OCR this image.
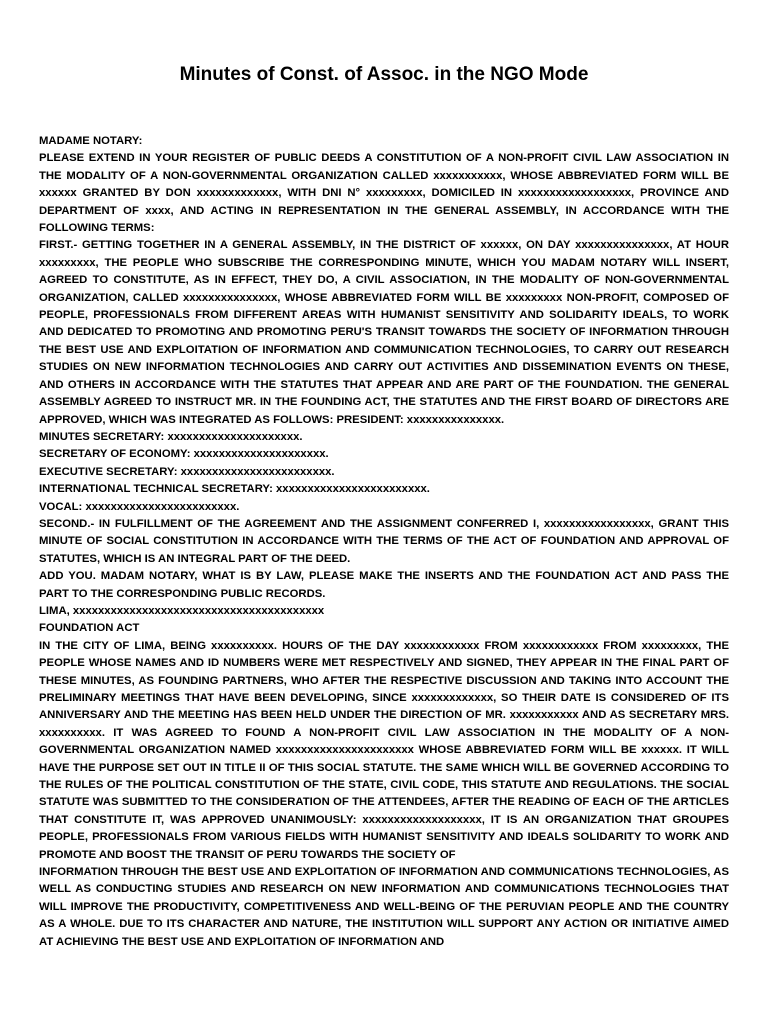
Minutes of Const. of Assoc. in the NGO Mode

MADAME NOTARY:

PLEASE EXTEND IN YOUR REGISTER OF PUBLIC DEEDS A CONSTITUTION OF A NON-PROFIT CIVIL LAW ASSOCIATION IN THE MODALITY OF A NON-GOVERNMENTAL ORGANIZATION CALLED xxxxxxxxxxx, WHOSE ABBREVIATED FORM WILL BE xxxxxx GRANTED BY DON xxxxxxxxxxxxx, WITH DNI N° xxxxxxxxx, DOMICILED IN xxxxxxxxxxxxxxxxxx, PROVINCE AND DEPARTMENT OF xxxx, AND ACTING IN REPRESENTATION IN THE GENERAL ASSEMBLY, IN ACCORDANCE WITH THE FOLLOWING TERMS:

FIRST.- GETTING TOGETHER IN A GENERAL ASSEMBLY, IN THE DISTRICT OF xxxxxx, ON DAY xxxxxxxxxxxxxxx, AT HOUR xxxxxxxxx, THE PEOPLE WHO SUBSCRIBE THE CORRESPONDING MINUTE, WHICH YOU MADAM NOTARY WILL INSERT, AGREED TO CONSTITUTE, AS IN EFFECT, THEY DO, A CIVIL ASSOCIATION, IN THE MODALITY OF NON-GOVERNMENTAL ORGANIZATION, CALLED xxxxxxxxxxxxxxx, WHOSE ABBREVIATED FORM WILL BE xxxxxxxxx NON-PROFIT, COMPOSED OF PEOPLE, PROFESSIONALS FROM DIFFERENT AREAS WITH HUMANIST SENSITIVITY AND SOLIDARITY IDEALS, TO WORK AND DEDICATED TO PROMOTING AND PROMOTING PERU'S TRANSIT TOWARDS THE SOCIETY OF INFORMATION THROUGH THE BEST USE AND EXPLOITATION OF INFORMATION AND COMMUNICATION TECHNOLOGIES, TO CARRY OUT RESEARCH STUDIES ON NEW INFORMATION TECHNOLOGIES AND CARRY OUT ACTIVITIES AND DISSEMINATION EVENTS ON THESE, AND OTHERS IN ACCORDANCE WITH THE STATUTES THAT APPEAR AND ARE PART OF THE FOUNDATION. THE GENERAL ASSEMBLY AGREED TO INSTRUCT MR. IN THE FOUNDING ACT, THE STATUTES AND THE FIRST BOARD OF DIRECTORS ARE APPROVED, WHICH WAS INTEGRATED AS FOLLOWS: PRESIDENT: xxxxxxxxxxxxxxx.

MINUTES SECRETARY: xxxxxxxxxxxxxxxxxxxxx.

SECRETARY OF ECONOMY: xxxxxxxxxxxxxxxxxxxxx.

EXECUTIVE SECRETARY: xxxxxxxxxxxxxxxxxxxxxxxx.

INTERNATIONAL TECHNICAL SECRETARY: xxxxxxxxxxxxxxxxxxxxxxxx.

VOCAL: xxxxxxxxxxxxxxxxxxxxxxxx.

SECOND.- IN FULFILLMENT OF THE AGREEMENT AND THE ASSIGNMENT CONFERRED I, xxxxxxxxxxxxxxxxx, GRANT THIS MINUTE OF SOCIAL CONSTITUTION IN ACCORDANCE WITH THE TERMS OF THE ACT OF FOUNDATION AND APPROVAL OF STATUTES, WHICH IS AN INTEGRAL PART OF THE DEED.

ADD YOU. MADAM NOTARY, WHAT IS BY LAW, PLEASE MAKE THE INSERTS AND THE FOUNDATION ACT AND PASS THE PART TO THE CORRESPONDING PUBLIC RECORDS.

LIMA, xxxxxxxxxxxxxxxxxxxxxxxxxxxxxxxxxxxxxxxx

FOUNDATION ACT

IN THE CITY OF LIMA, BEING xxxxxxxxxx. HOURS OF THE DAY xxxxxxxxxxxx FROM xxxxxxxxxxxx FROM xxxxxxxxx, THE PEOPLE WHOSE NAMES AND ID NUMBERS WERE MET RESPECTIVELY AND SIGNED, THEY APPEAR IN THE FINAL PART OF THESE MINUTES, AS FOUNDING PARTNERS, WHO AFTER THE RESPECTIVE DISCUSSION AND TAKING INTO ACCOUNT THE PRELIMINARY MEETINGS THAT HAVE BEEN DEVELOPING, SINCE xxxxxxxxxxxxx, SO THEIR DATE IS CONSIDERED OF ITS ANNIVERSARY AND THE MEETING HAS BEEN HELD UNDER THE DIRECTION OF MR. xxxxxxxxxxx AND AS SECRETARY MRS. xxxxxxxxxx. IT WAS AGREED TO FOUND A NON-PROFIT CIVIL LAW ASSOCIATION IN THE MODALITY OF A NON-GOVERNMENTAL ORGANIZATION NAMED xxxxxxxxxxxxxxxxxxxxxx WHOSE ABBREVIATED FORM WILL BE xxxxxx. IT WILL HAVE THE PURPOSE SET OUT IN TITLE II OF THIS SOCIAL STATUTE. THE SAME WHICH WILL BE GOVERNED ACCORDING TO THE RULES OF THE POLITICAL CONSTITUTION OF THE STATE, CIVIL CODE, THIS STATUTE AND REGULATIONS. THE SOCIAL STATUTE WAS SUBMITTED TO THE CONSIDERATION OF THE ATTENDEES, AFTER THE READING OF EACH OF THE ARTICLES THAT CONSTITUTE IT, WAS APPROVED UNANIMOUSLY: xxxxxxxxxxxxxxxxxxx, IT IS AN ORGANIZATION THAT GROUPES PEOPLE, PROFESSIONALS FROM VARIOUS FIELDS WITH HUMANIST SENSITIVITY AND IDEALS SOLIDARITY TO WORK AND PROMOTE AND BOOST THE TRANSIT OF PERU TOWARDS THE SOCIETY OF

INFORMATION THROUGH THE BEST USE AND EXPLOITATION OF INFORMATION AND COMMUNICATIONS TECHNOLOGIES, AS WELL AS CONDUCTING STUDIES AND RESEARCH ON NEW INFORMATION AND COMMUNICATIONS TECHNOLOGIES THAT WILL IMPROVE THE PRODUCTIVITY, COMPETITIVENESS AND WELL-BEING OF THE PERUVIAN PEOPLE AND THE COUNTRY AS A WHOLE. DUE TO ITS CHARACTER AND NATURE, THE INSTITUTION WILL SUPPORT ANY ACTION OR INITIATIVE AIMED AT ACHIEVING THE BEST USE AND EXPLOITATION OF INFORMATION AND
